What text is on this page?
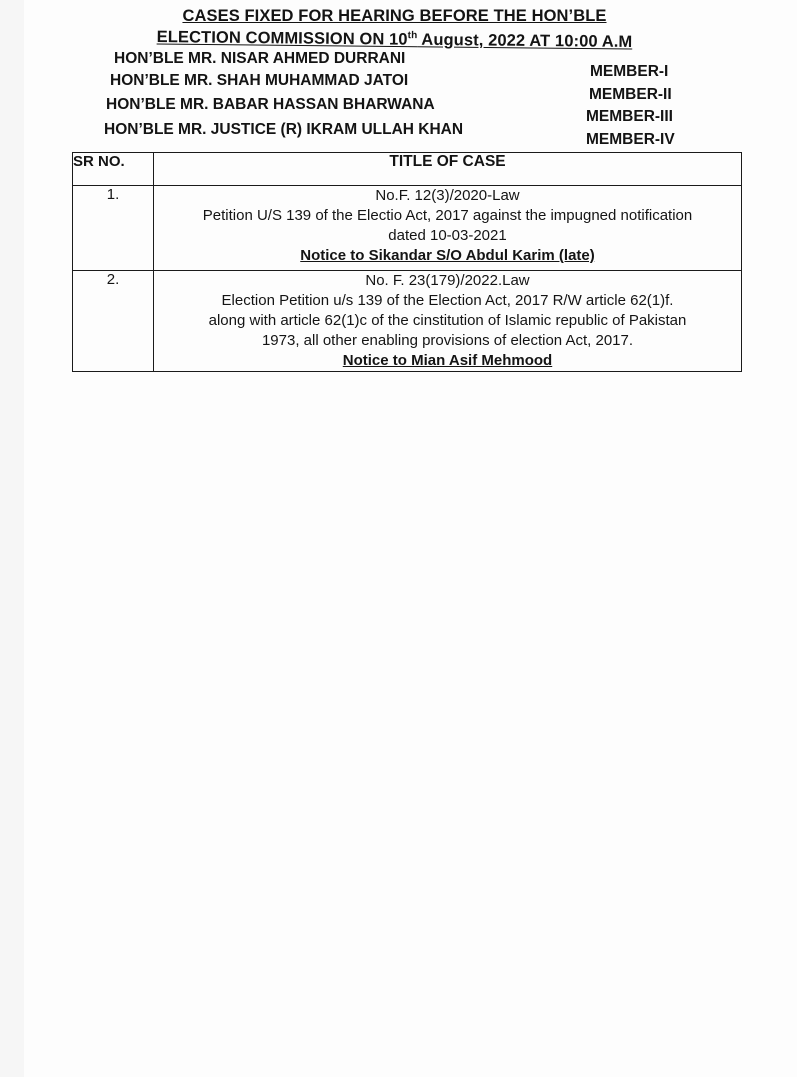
CASES FIXED FOR HEARING BEFORE THE HON’BLE
ELECTION COMMISSION ON 10th August, 2022 AT 10:00 A.M
HON’BLE MR. NISAR AHMED DURRANI
MEMBER-I
HON’BLE MR. SHAH MUHAMMAD JATOI
MEMBER-II
HON’BLE MR. BABAR HASSAN BHARWANA
MEMBER-III
HON’BLE MR. JUSTICE (R) IKRAM ULLAH KHAN
MEMBER-IV
SR NO.	TITLE OF CASE
1.	No.F. 12(3)/2020-Law
Petition U/S 139 of the Electio Act, 2017 against the impugned notification
dated 10-03-2021
Notice to Sikandar S/O Abdul Karim (late)

2.	No. F. 23(179)/2022.Law
Election Petition u/s 139 of the Election Act, 2017 R/W article 62(1)f.
along with article 62(1)c of the cinstitution of Islamic republic of Pakistan
1973, all other enabling provisions of election Act, 2017.
Notice to Mian Asif Mehmood
